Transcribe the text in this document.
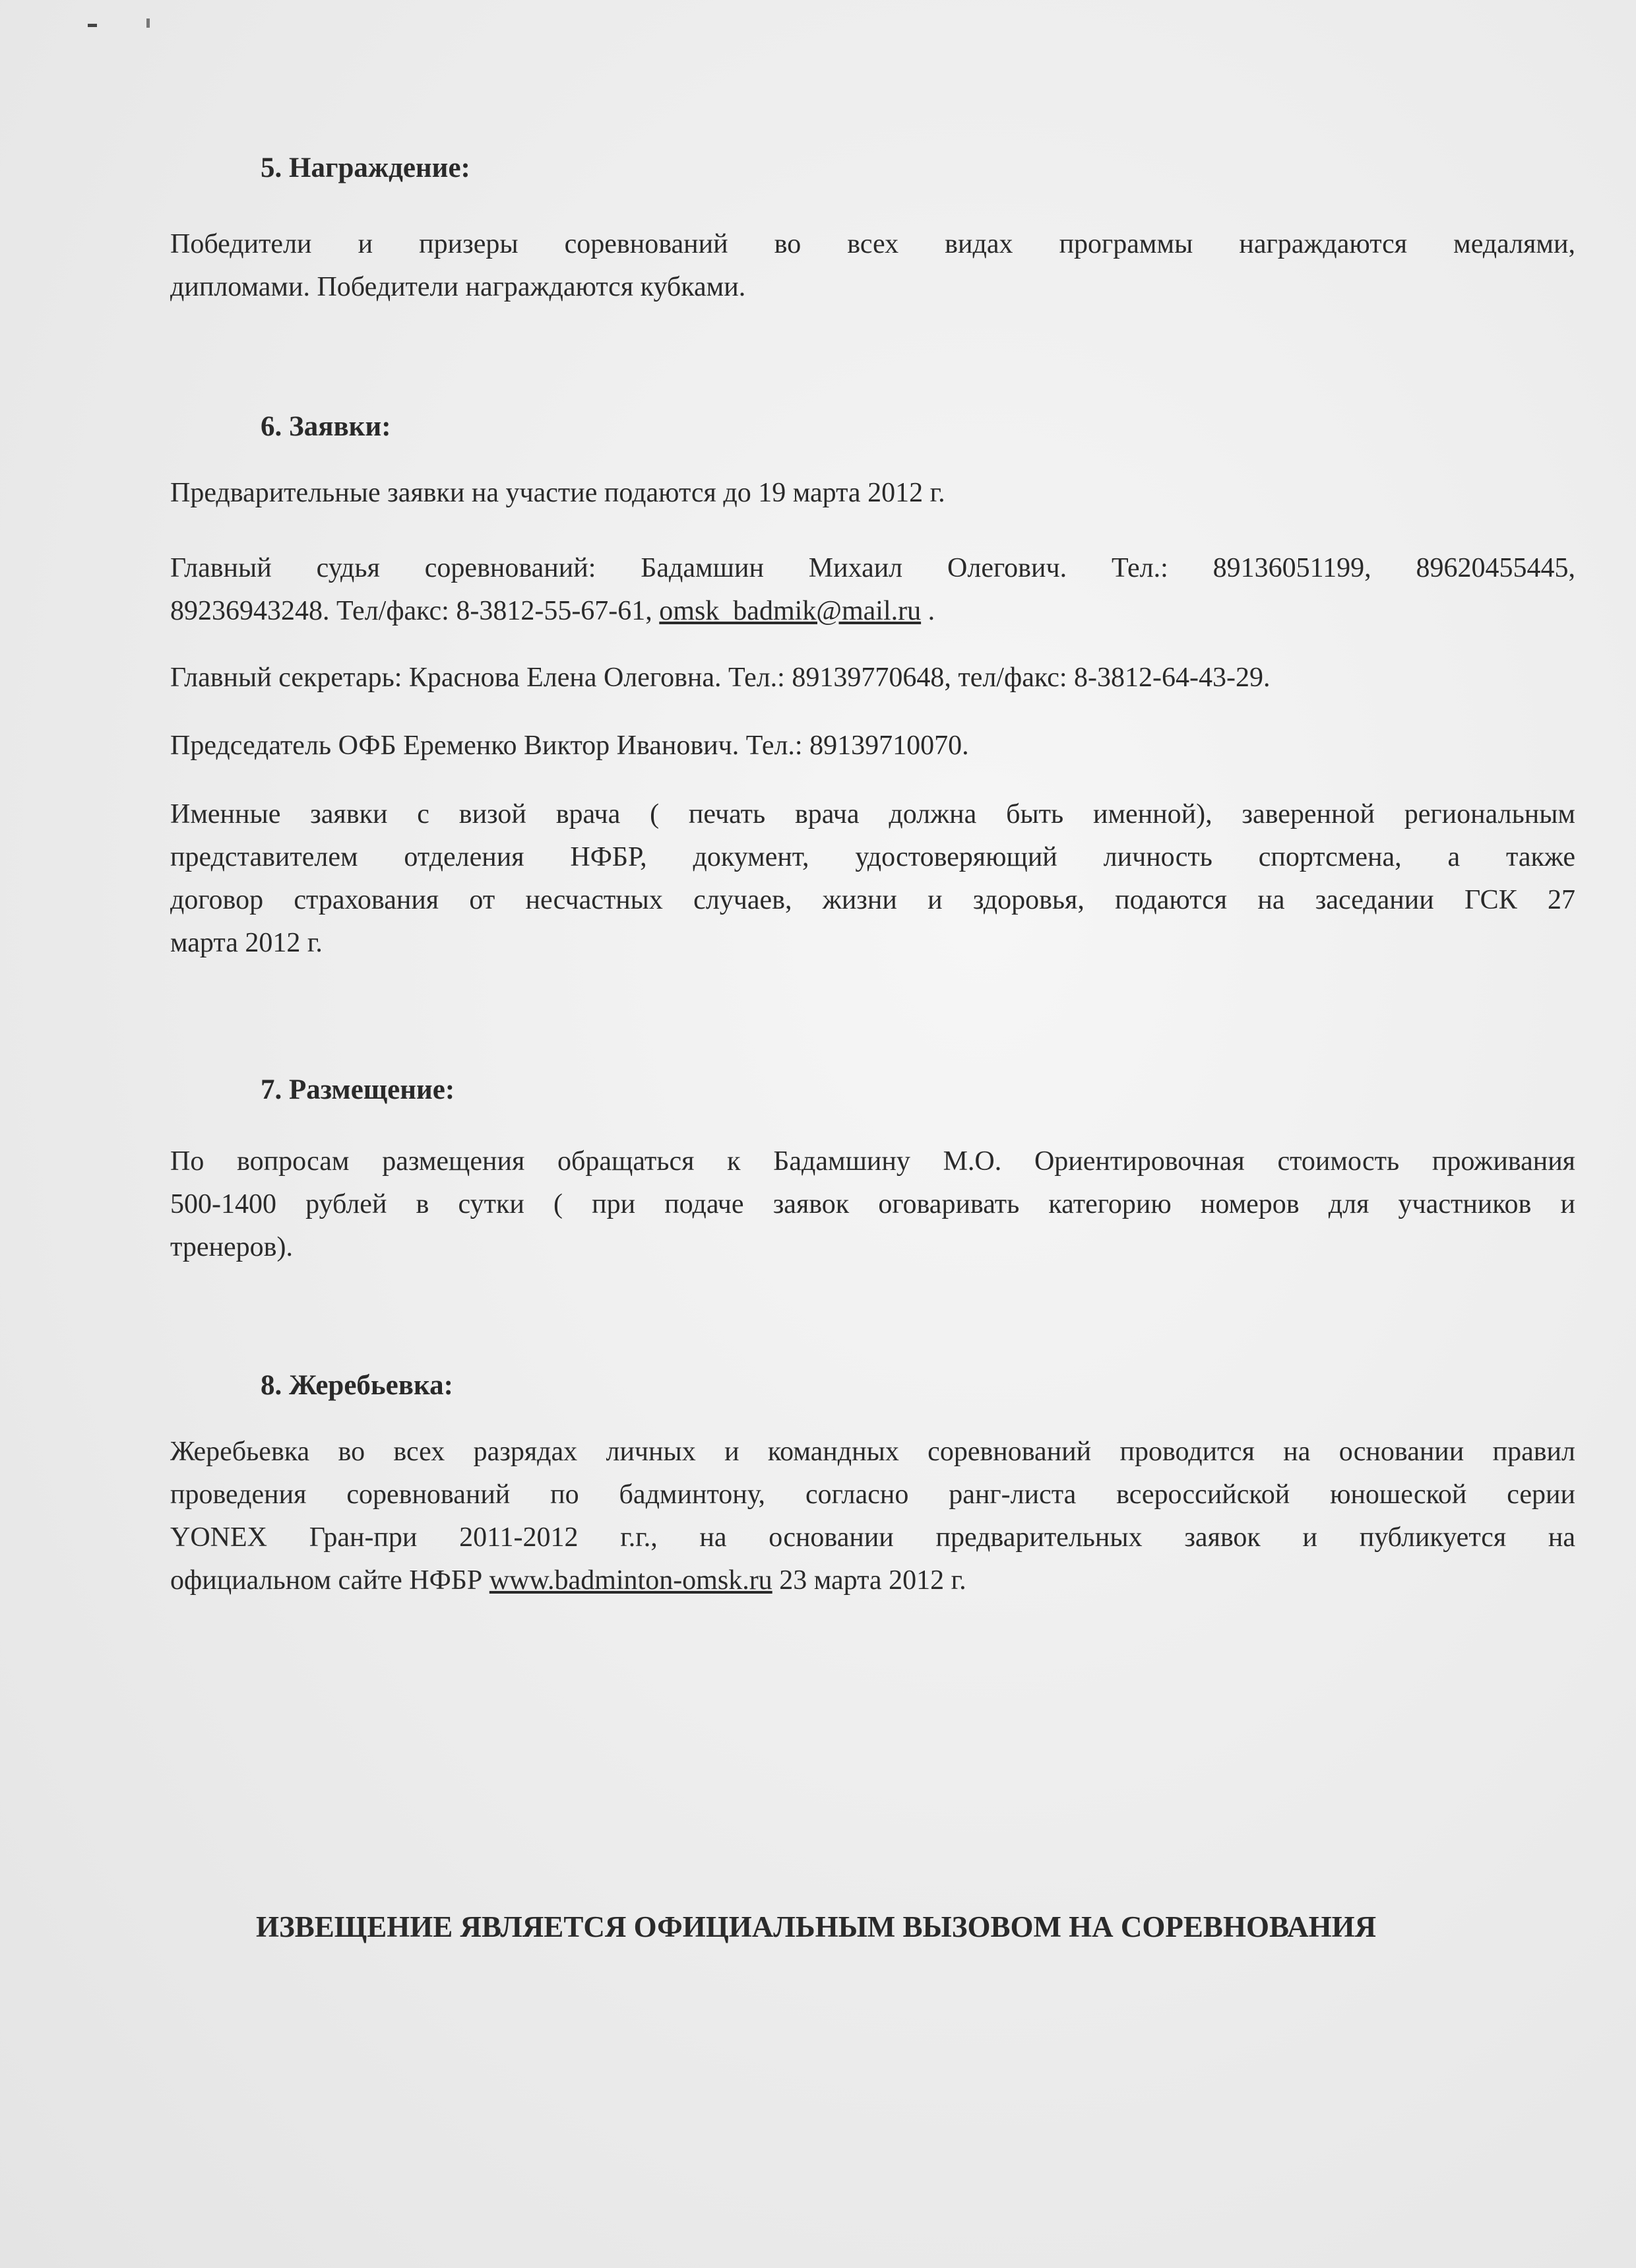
5. Награждение:

Победители и призеры соревнований во всех видах программы награждаются медалями,
дипломами. Победители награждаются кубками.

6. Заявки:

Предварительные заявки на участие подаются до 19 марта 2012 г.

Главный судья соревнований: Бадамшин Михаил Олегович. Тел.: 89136051199, 89620455445,
89236943248. Тел/факс: 8-3812-55-67-61, omsk_badmik@mail.ru .

Главный секретарь: Краснова Елена Олеговна. Тел.: 89139770648, тел/факс: 8-3812-64-43-29.

Председатель ОФБ Еременко Виктор Иванович. Тел.: 89139710070.

Именные заявки с визой врача ( печать врача должна быть именной), заверенной региональным
представителем отделения НФБР, документ, удостоверяющий личность спортсмена, а также
договор страхования от несчастных случаев, жизни и здоровья, подаются на заседании ГСК 27
марта 2012 г.

7. Размещение:

По вопросам размещения обращаться к Бадамшину М.О. Ориентировочная стоимость проживания
500-1400 рублей в сутки ( при подаче заявок оговаривать категорию номеров для участников и
тренеров).

8. Жеребьевка:

Жеребьевка во всех разрядах личных и командных соревнований проводится на основании правил
проведения соревнований по бадминтону, согласно ранг-листа всероссийской юношеской серии
YONEX Гран-при 2011-2012 г.г., на основании предварительных заявок и публикуется на
официальном сайте НФБР www.badminton-omsk.ru 23 марта 2012 г.

ИЗВЕЩЕНИЕ ЯВЛЯЕТСЯ ОФИЦИАЛЬНЫМ ВЫЗОВОМ НА СОРЕВНОВАНИЯ
